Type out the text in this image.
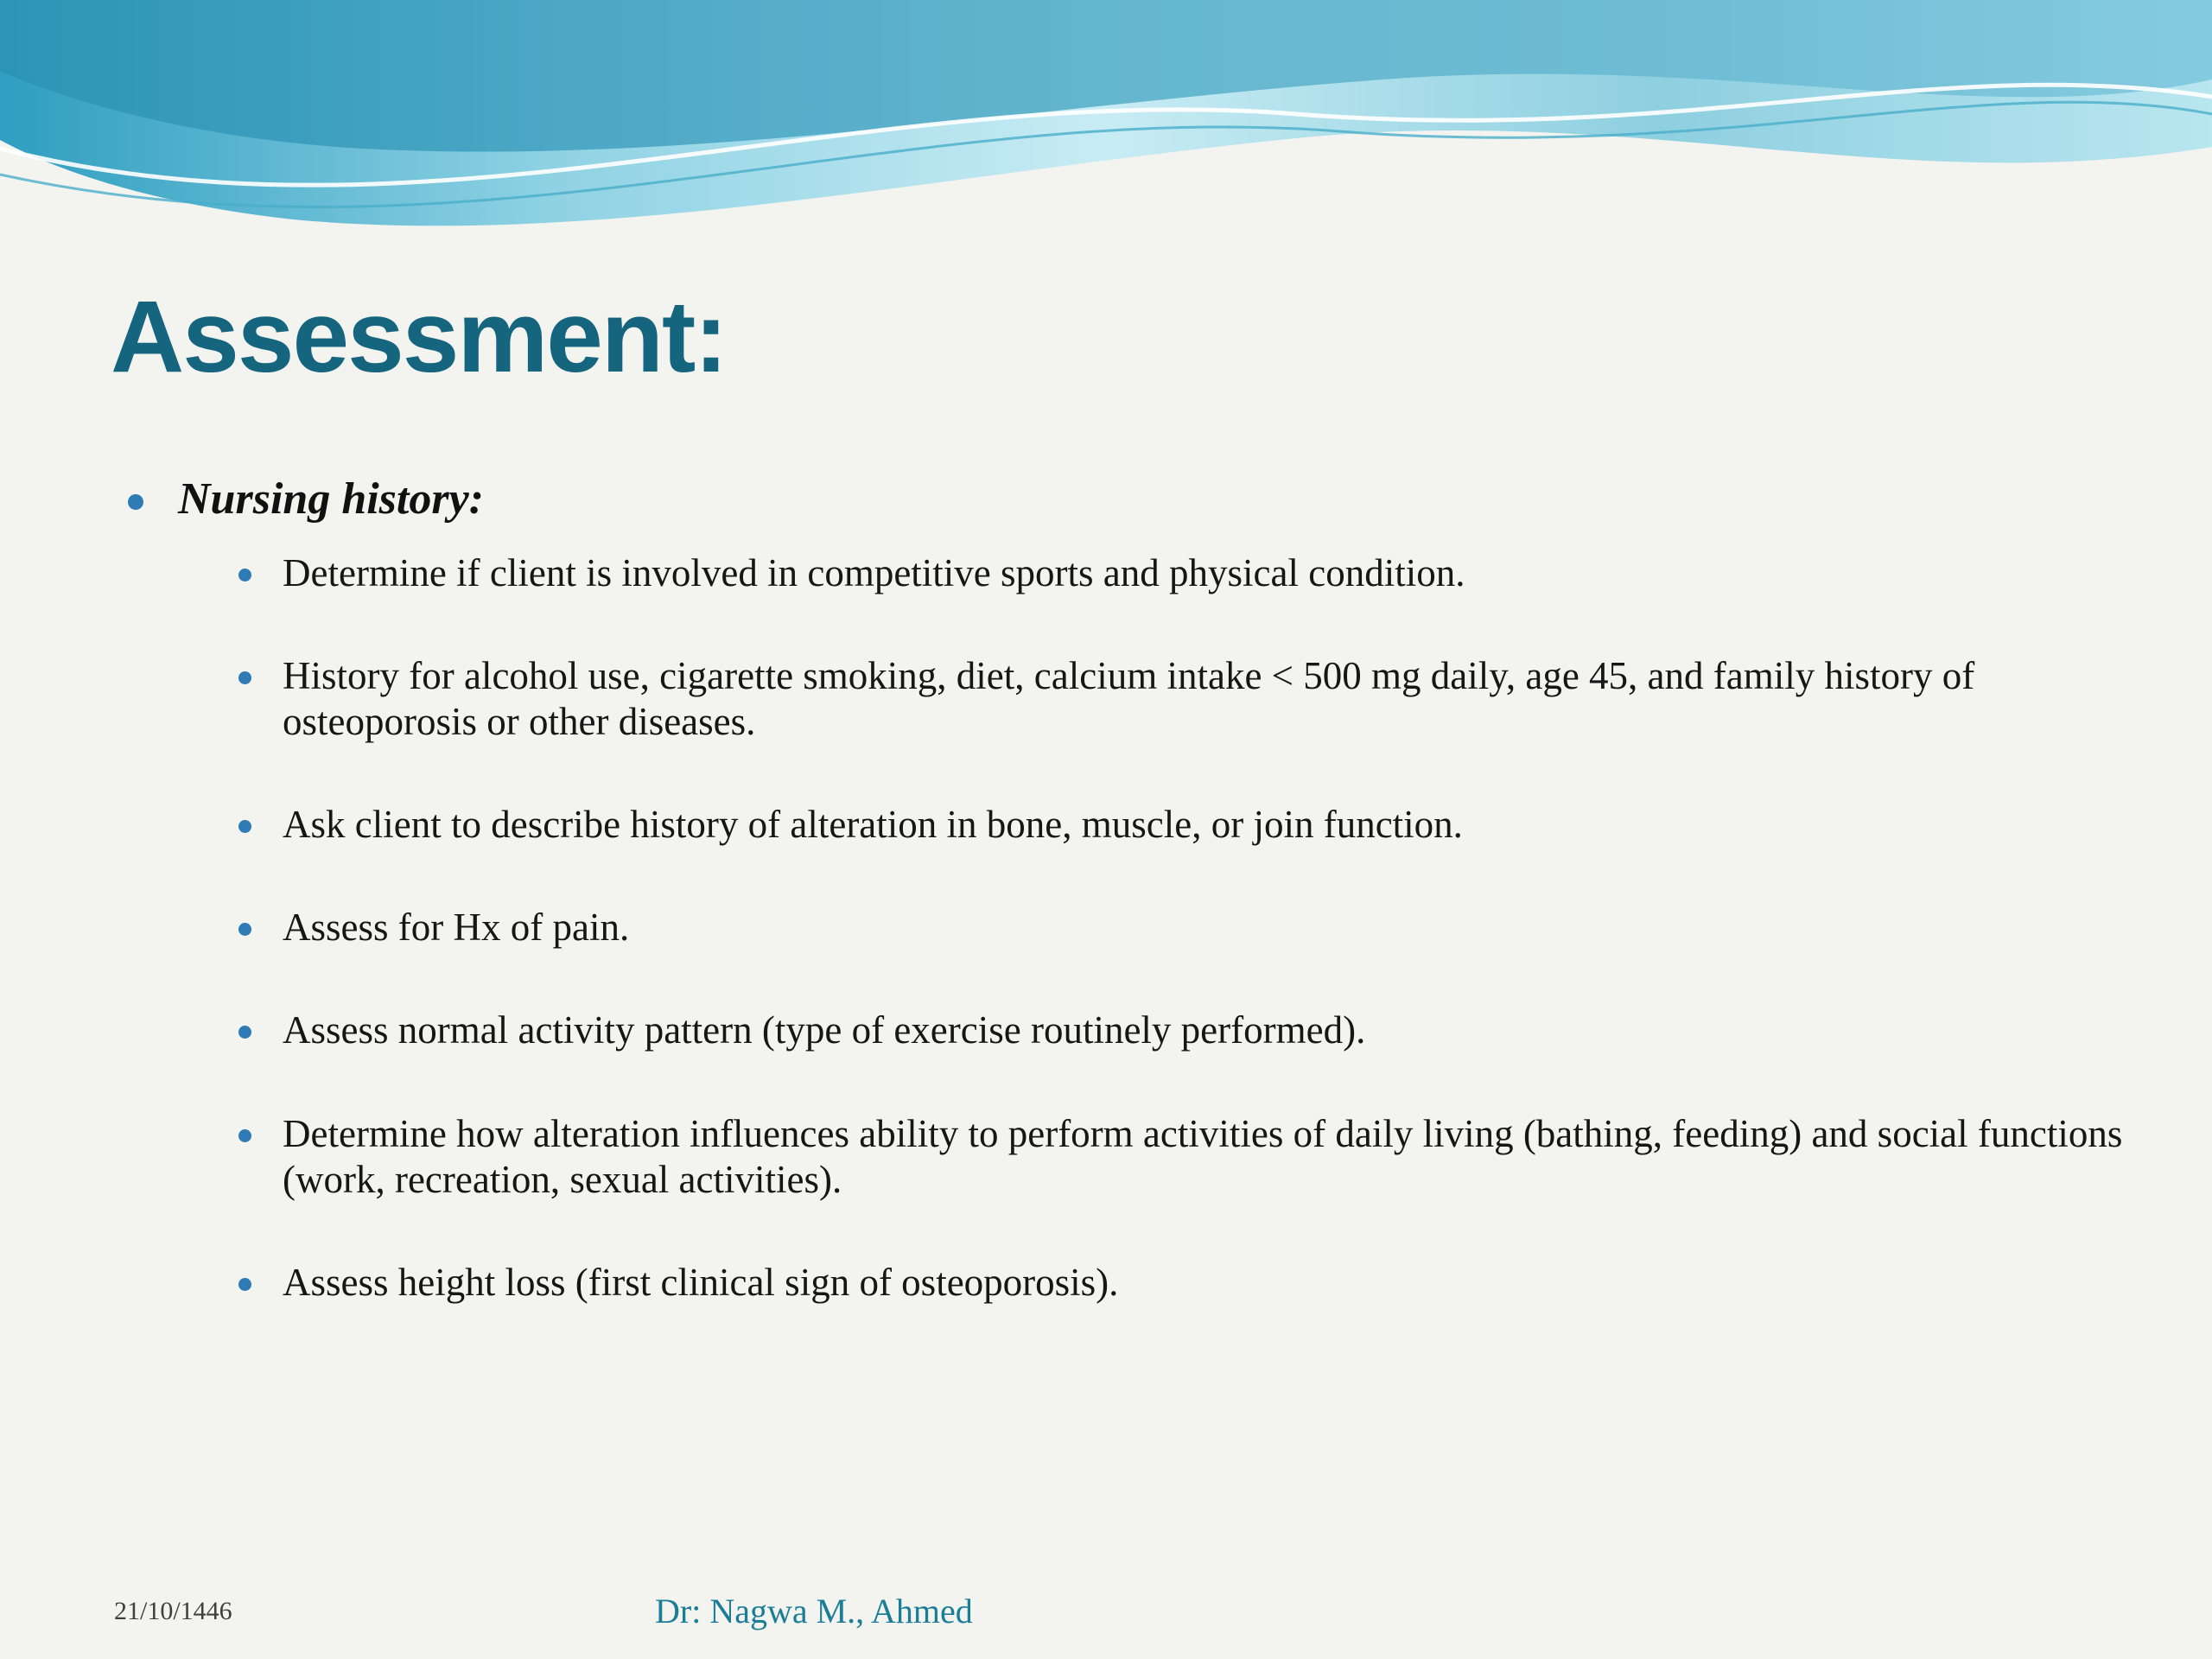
Assessment:
Nursing history:
Determine if client is involved in competitive sports and physical condition.
History for alcohol use, cigarette smoking, diet, calcium intake < 500 mg daily, age 45, and family history of osteoporosis or other diseases.
Ask client to describe history of alteration in bone, muscle, or join function.
Assess for Hx of pain.
Assess normal activity pattern (type of exercise routinely performed).
Determine how alteration influences ability to perform activities of daily living (bathing, feeding) and social functions (work, recreation, sexual activities).
Assess height loss (first clinical sign of osteoporosis).
21/10/1446	Dr: Nagwa M., Ahmed
